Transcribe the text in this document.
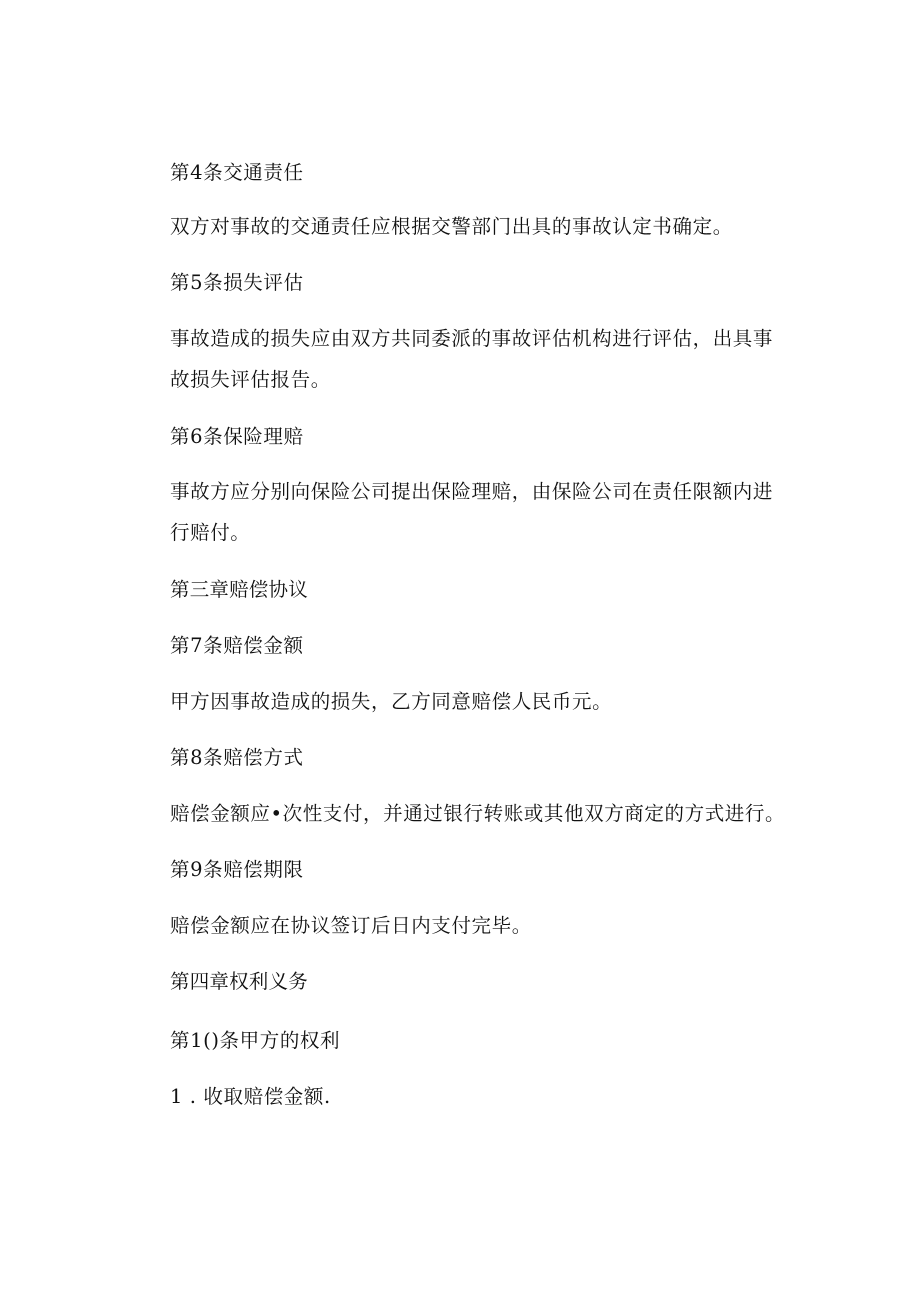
第4条交通责任
双方对事故的交通责任应根据交警部门出具的事故认定书确定。
第5条损失评估
事故造成的损失应由双方共同委派的事故评估机构进行评估，出具事
故损失评估报告。
第6条保险理赔
事故方应分别向保险公司提出保险理赔，由保险公司在责任限额内进
行赔付。
第三章赔偿协议
第7条赔偿金额
甲方因事故造成的损失，乙方同意赔偿人民币元。
第8条赔偿方式
赔偿金额应•次性支付，并通过银行转账或其他双方商定的方式进行。
第9条赔偿期限
赔偿金额应在协议签订后日内支付完毕。
第四章权利义务
第1()条甲方的权利
1 . 收取赔偿金额.
